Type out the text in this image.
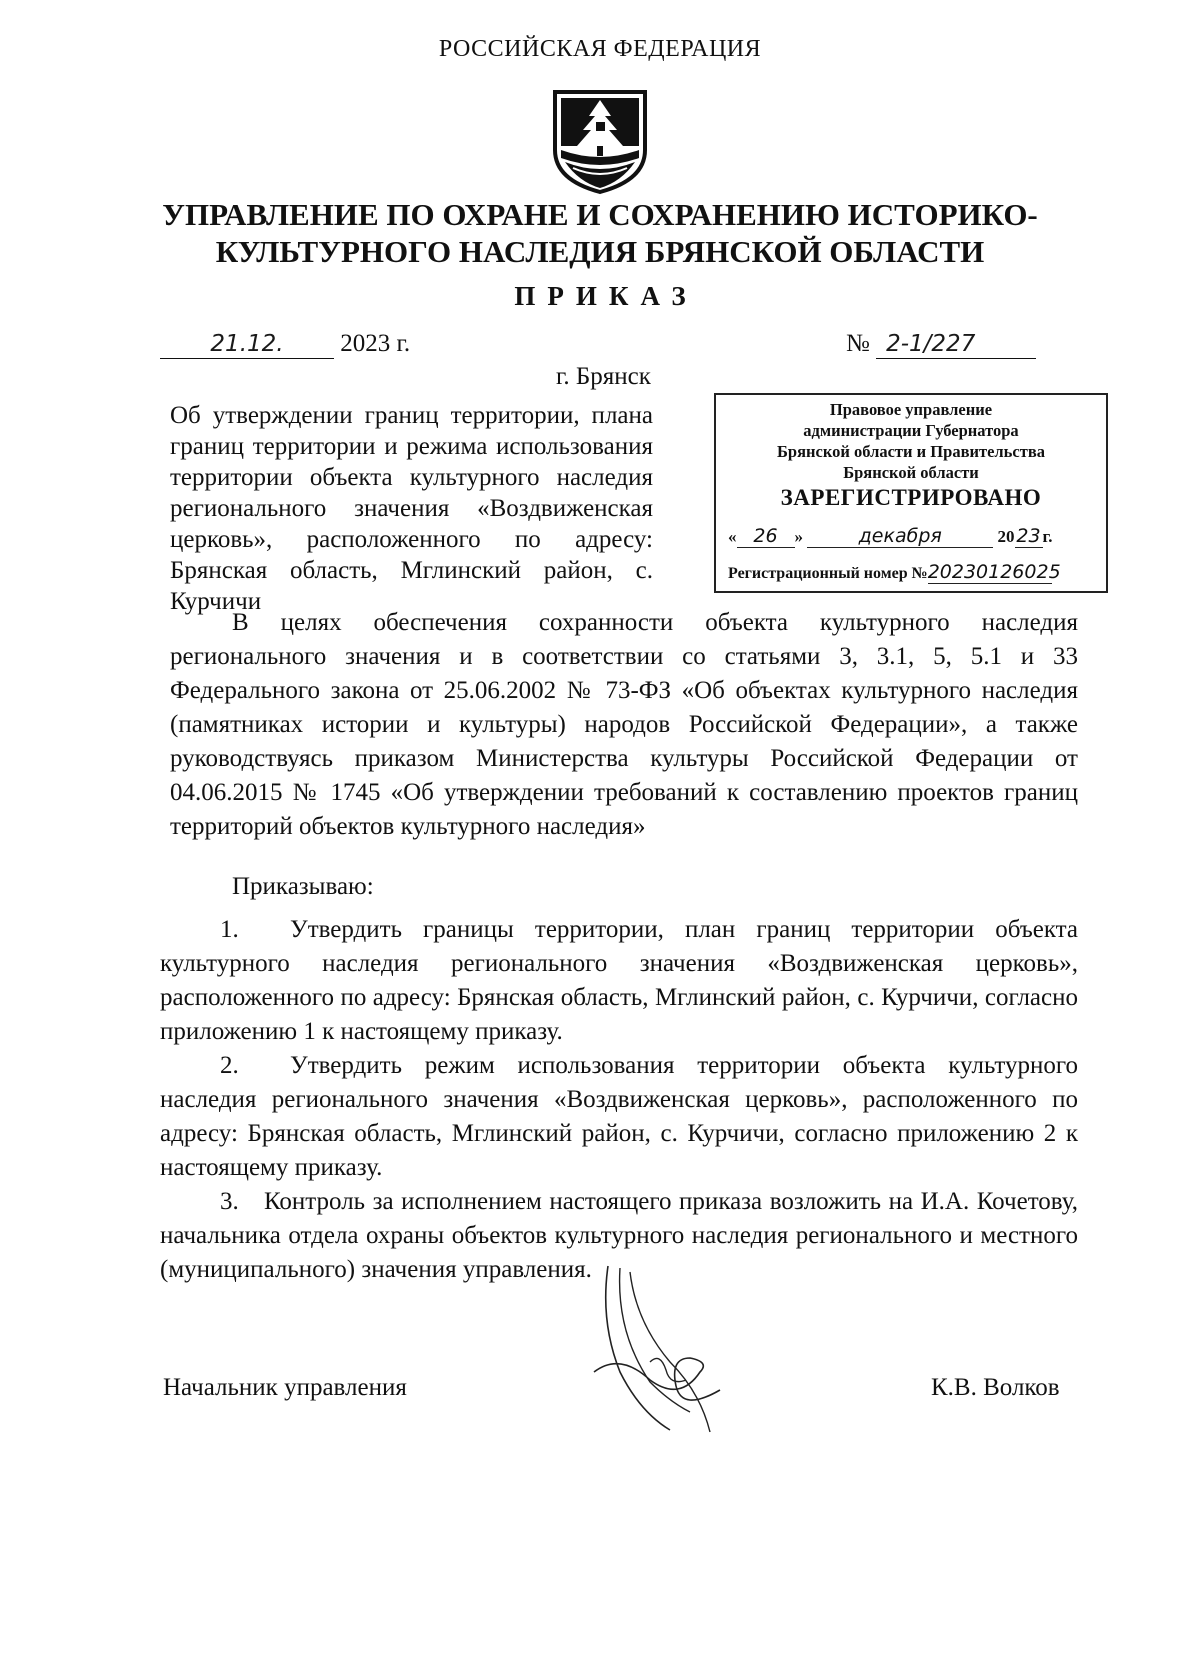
РОССИЙСКАЯ ФЕДЕРАЦИЯ
УПРАВЛЕНИЕ ПО ОХРАНЕ И СОХРАНЕНИЮ ИСТОРИКО-
КУЛЬТУРНОГО НАСЛЕДИЯ БРЯНСКОЙ ОБЛАСТИ
ПРИКАЗ
21.12. 2023 г.	№ 2-1/227
г. Брянск
Об утверждении границ территории, плана границ территории и режима использования территории объекта культурного наследия регионального значения «Воздвиженская церковь», расположенного по адресу: Брянская область, Мглинский район, с. Курчичи
Правовое управление
администрации Губернатора
Брянской области и Правительства
Брянской области
ЗАРЕГИСТРИРОВАНО
« 26 »	декабря	20 23 г.
Регистрационный номер №20230126025
В целях обеспечения сохранности объекта культурного наследия регионального значения и в соответствии со статьями 3, 3.1, 5, 5.1 и 33 Федерального закона от 25.06.2002 № 73-ФЗ «Об объектах культурного наследия (памятниках истории и культуры) народов Российской Федерации», а также руководствуясь приказом Министерства культуры Российской Федерации от 04.06.2015 № 1745 «Об утверждении требований к составлению проектов границ территорий объектов культурного наследия»
Приказываю:
1. Утвердить границы территории, план границ территории объекта культурного наследия регионального значения «Воздвиженская церковь», расположенного по адресу: Брянская область, Мглинский район, с. Курчичи, согласно приложению 1 к настоящему приказу.
2. Утвердить режим использования территории объекта культурного наследия регионального значения «Воздвиженская церковь», расположенного по адресу: Брянская область, Мглинский район, с. Курчичи, согласно приложению 2 к настоящему приказу.
3. Контроль за исполнением настоящего приказа возложить на И.А. Кочетову, начальника отдела охраны объектов культурного наследия регионального и местного (муниципального) значения управления.
Начальник управления	К.В. Волков
